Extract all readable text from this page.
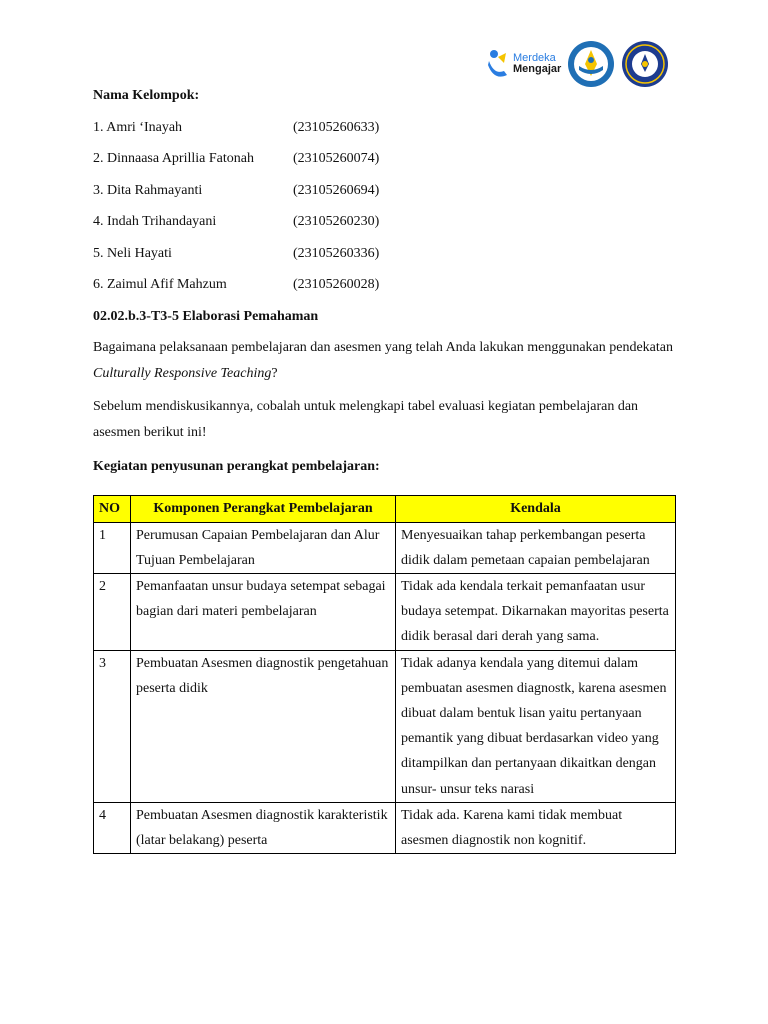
Merdeka
Mengajar
Nama Kelompok:
1. Amri ‘Inayah	(23105260633)
2. Dinnaasa Aprillia Fatonah	(23105260074)
3. Dita Rahmayanti	(23105260694)
4. Indah Trihandayani	(23105260230)
5. Neli Hayati	(23105260336)
6. Zaimul Afif Mahzum	(23105260028)
02.02.b.3-T3-5 Elaborasi Pemahaman

Bagaimana pelaksanaan pembelajaran dan asesmen yang telah Anda lakukan menggunakan pendekatan Culturally Responsive Teaching?

Sebelum mendiskusikannya, cobalah untuk melengkapi tabel evaluasi kegiatan pembelajaran dan asesmen berikut ini!

Kegiatan penyusunan perangkat pembelajaran:

NO	Komponen Perangkat Pembelajaran	Kendala
1	Perumusan Capaian Pembelajaran dan Alur Tujuan Pembelajaran	Menyesuaikan tahap perkembangan peserta didik dalam pemetaan capaian pembelajaran
2	Pemanfaatan unsur budaya setempat sebagai bagian dari materi pembelajaran	Tidak ada kendala terkait pemanfaatan usur budaya setempat. Dikarnakan mayoritas peserta didik berasal dari derah yang sama.
3	Pembuatan Asesmen diagnostik pengetahuan peserta didik	Tidak adanya kendala yang ditemui dalam pembuatan asesmen diagnostk, karena asesmen dibuat dalam bentuk lisan yaitu pertanyaan pemantik yang dibuat berdasarkan video yang ditampilkan dan pertanyaan dikaitkan dengan unsur- unsur teks narasi
4	Pembuatan Asesmen diagnostik karakteristik (latar belakang) peserta	Tidak ada. Karena kami tidak membuat asesmen diagnostik non kognitif.
